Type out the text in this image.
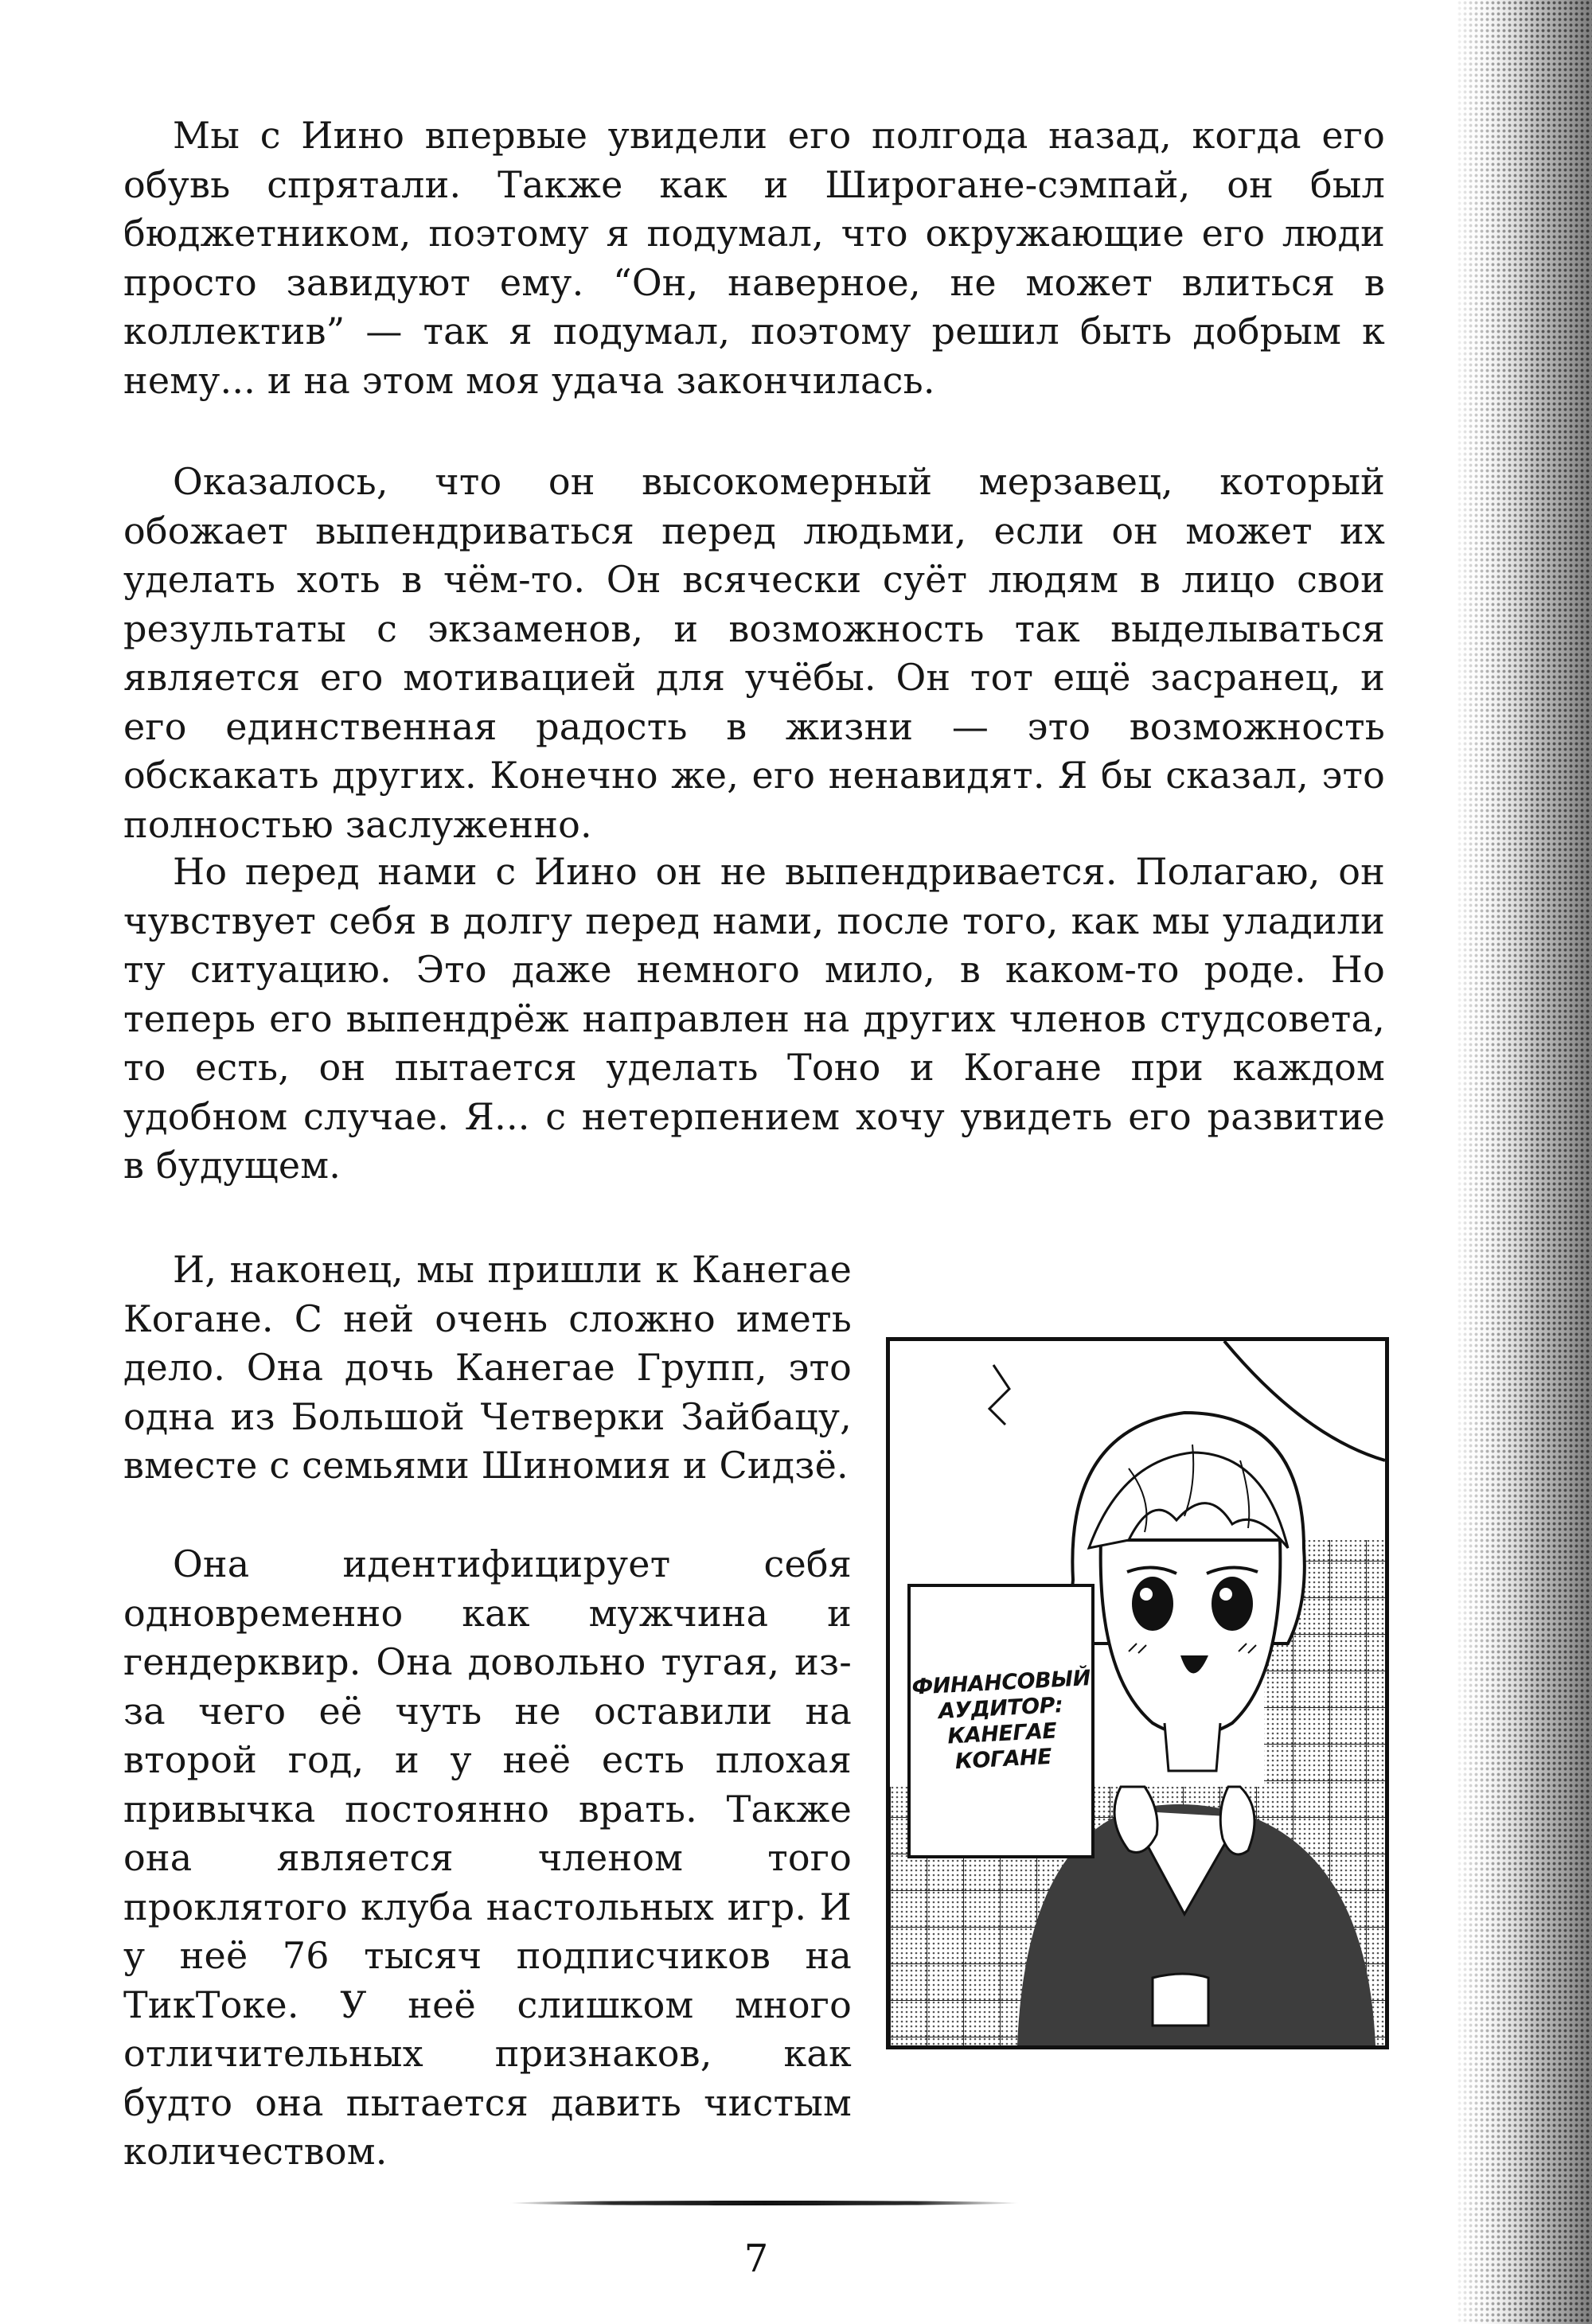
Мы с Иино впервые увидели его полгода назад, когда его обувь спрятали. Также как и Широгане-сэмпай, он был бюджетником, поэтому я подумал, что окружающие его люди просто завидуют ему. “Он, наверное, не может влиться в коллектив” — так я подумал, поэтому решил быть добрым к нему... и на этом моя удача закончилась.

Оказалось, что он высокомерный мерзавец, который обожает выпендриваться перед людьми, если он может их уделать хоть в чём-то. Он всячески суёт людям в лицо свои результаты с экзаменов, и возможность так выделываться является его мотивацией для учёбы. Он тот ещё засранец, и его единственная радость в жизни — это возможность обскакать других. Конечно же, его ненавидят. Я бы сказал, это полностью заслуженно.

Но перед нами с Иино он не выпендривается. Полагаю, он чувствует себя в долгу перед нами, после того, как мы уладили ту ситуацию. Это даже немного мило, в каком-то роде. Но теперь его выпендрёж направлен на других членов студсовета, то есть, он пытается уделать Тоно и Когане при каждом удобном случае. Я... с нетерпением хочу увидеть его развитие в будущем.

И, наконец, мы пришли к Канегае Когане. С ней очень сложно иметь дело. Она дочь Канегае Групп, это одна из Большой Четверки Зайбацу, вместе с семьями Шиномия и Сидзё.

Она идентифицирует себя одновременно как мужчина и гендерквир. Она довольно тугая, из-за чего её чуть не оставили на второй год, и у неё есть плохая привычка постоянно врать. Также она является членом того проклятого клуба настольных игр. И у неё 76 тысяч подписчиков на ТикТоке. У неё слишком много отличительных признаков, как будто она пытается давить чистым количеством.

ФИНАНСОВЫЙ
АУДИТОР:
КАНЕГАЕ
КОГАНЕ
7
